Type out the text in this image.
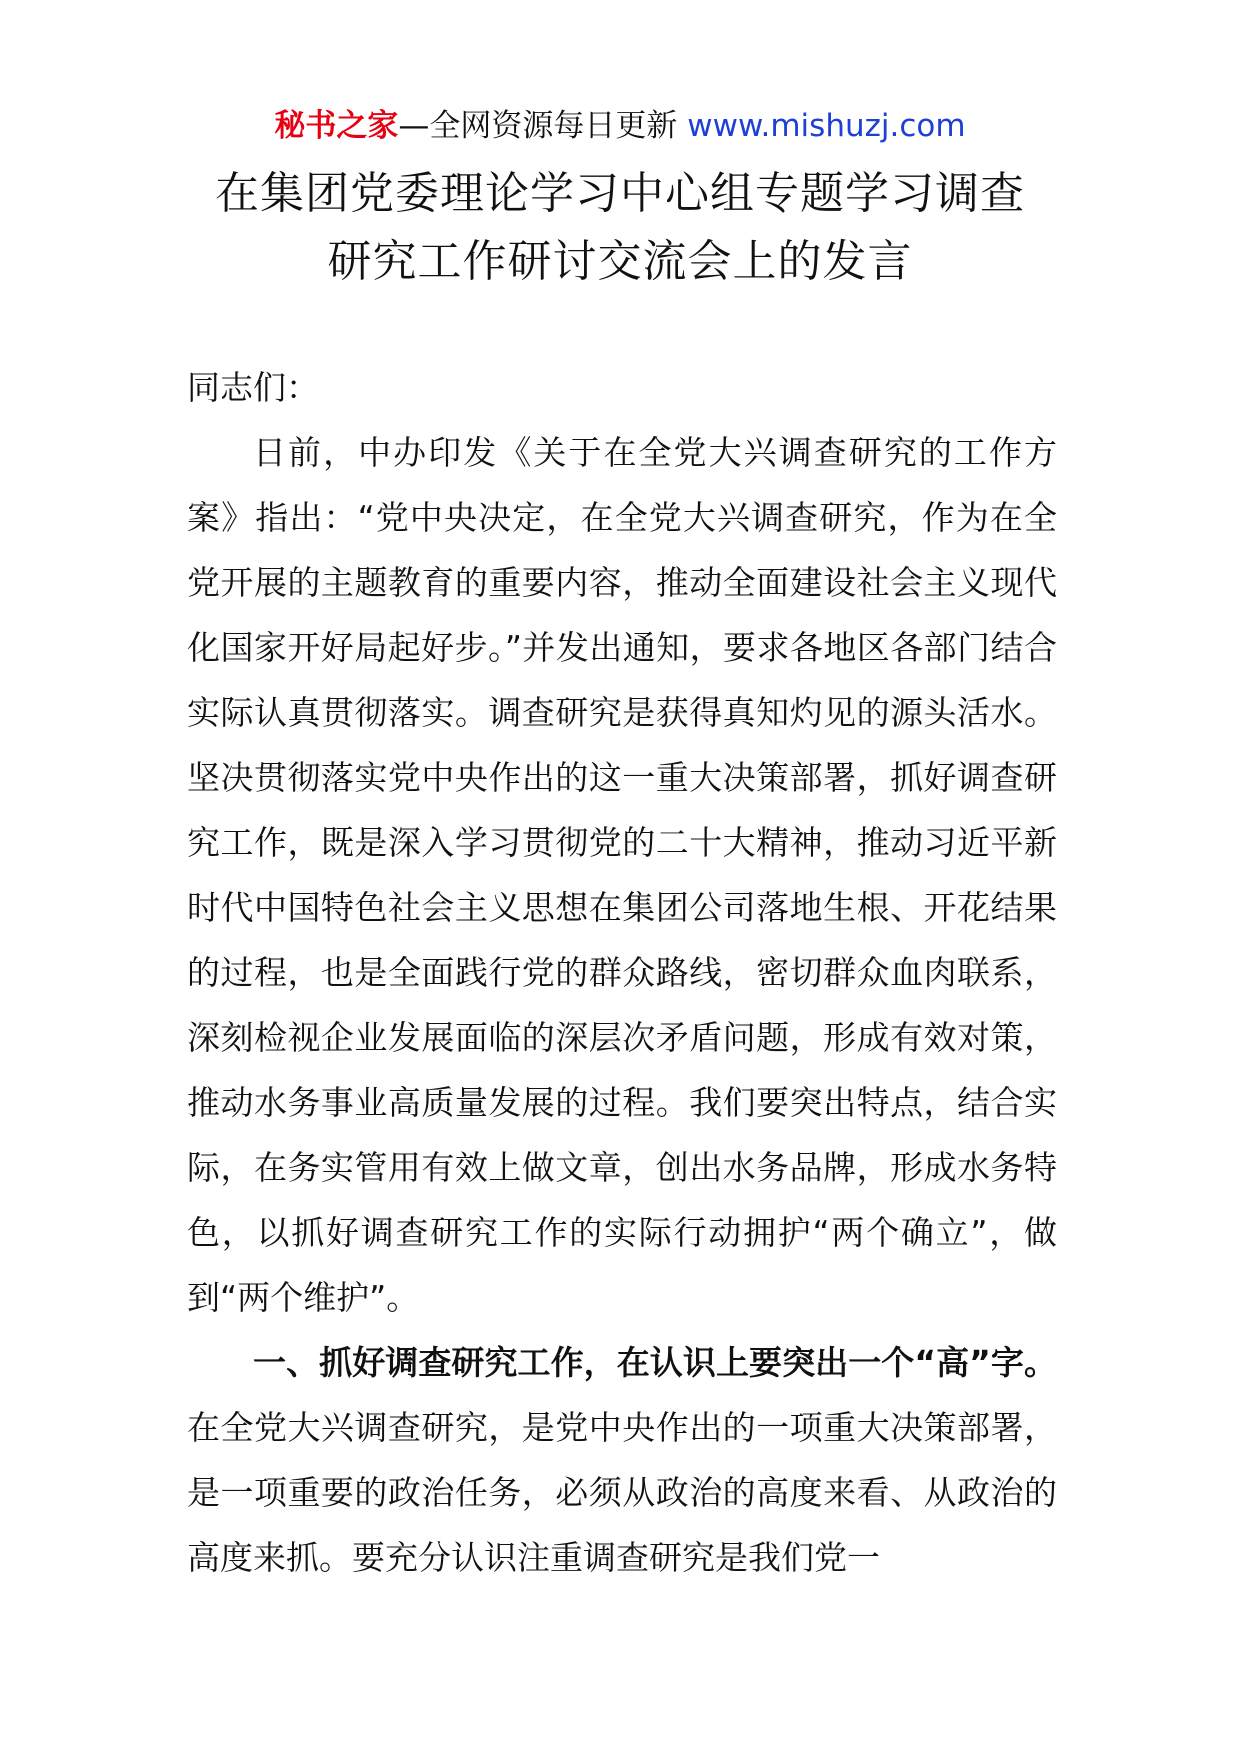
秘书之家—全网资源每日更新 www.mishuzj.com
在集团党委理论学习中心组专题学习调查
研究工作研讨交流会上的发言

同志们：

日前，中办印发《关于在全党大兴调查研究的工作方案》指出：“党中央决定，在全党大兴调查研究，作为在全党开展的主题教育的重要内容，推动全面建设社会主义现代化国家开好局起好步。”并发出通知，要求各地区各部门结合实际认真贯彻落实。调查研究是获得真知灼见的源头活水。坚决贯彻落实党中央作出的这一重大决策部署，抓好调查研究工作，既是深入学习贯彻党的二十大精神，推动习近平新时代中国特色社会主义思想在集团公司落地生根、开花结果的过程，也是全面践行党的群众路线，密切群众血肉联系，深刻检视企业发展面临的深层次矛盾问题，形成有效对策，推动水务事业高质量发展的过程。我们要突出特点，结合实际，在务实管用有效上做文章，创出水务品牌，形成水务特色，以抓好调查研究工作的实际行动拥护“两个确立”，做到“两个维护”。

一、抓好调查研究工作，在认识上要突出一个“高”字。在全党大兴调查研究，是党中央作出的一项重大决策部署，是一项重要的政治任务，必须从政治的高度来看、从政治的高度来抓。要充分认识注重调查研究是我们党一
